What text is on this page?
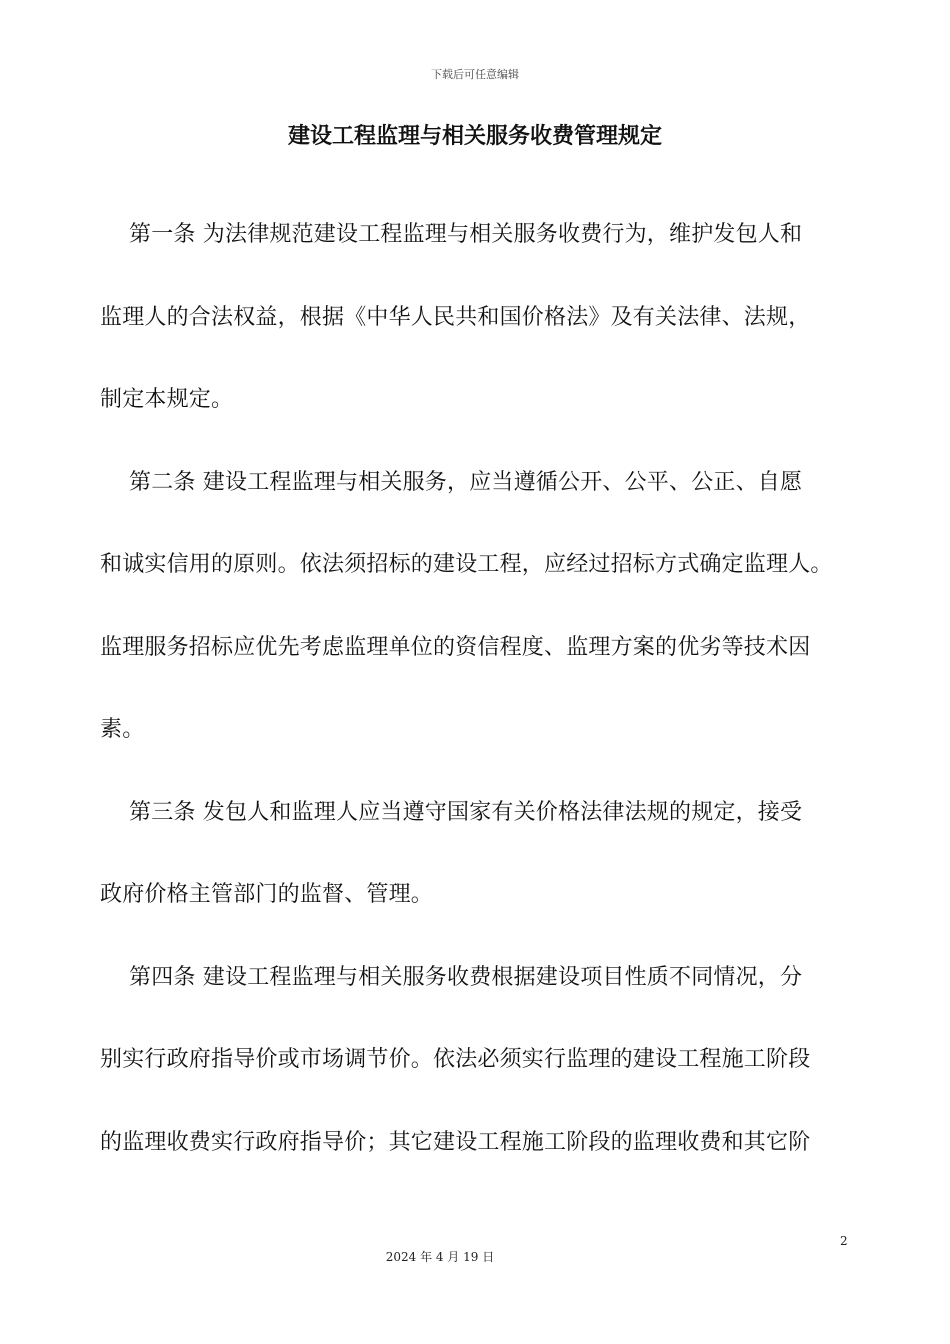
下载后可任意编辑
建设工程监理与相关服务收费管理规定
第一条 为法律规范建设工程监理与相关服务收费行为，维护发包人和
监理人的合法权益，根据《中华人民共和国价格法》及有关法律、法规，
制定本规定。
第二条 建设工程监理与相关服务，应当遵循公开、公平、公正、自愿
和诚实信用的原则。依法须招标的建设工程，应经过招标方式确定监理人。
监理服务招标应优先考虑监理单位的资信程度、监理方案的优劣等技术因
素。
第三条 发包人和监理人应当遵守国家有关价格法律法规的规定，接受
政府价格主管部门的监督、管理。
第四条 建设工程监理与相关服务收费根据建设项目性质不同情况，分
别实行政府指导价或市场调节价。依法必须实行监理的建设工程施工阶段
的监理收费实行政府指导价；其它建设工程施工阶段的监理收费和其它阶
2
2024 年 4 月 19 日
